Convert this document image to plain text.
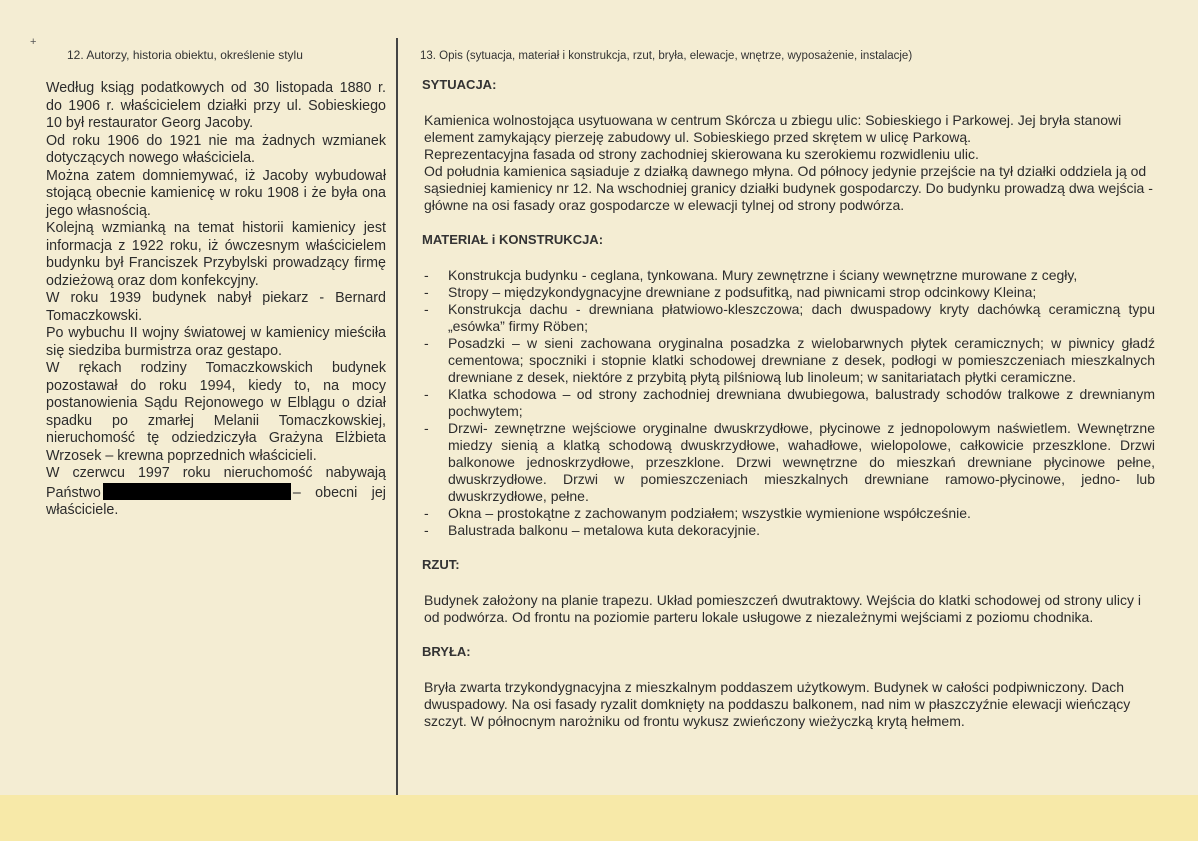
+
12. Autorzy, historia obiektu, określenie stylu

Według ksiąg podatkowych od 30 listopada 1880 r. do 1906 r. właścicielem działki przy ul. Sobieskiego 10 był restaurator Georg Jacoby.

Od roku 1906 do 1921 nie ma żadnych wzmianek dotyczących nowego właściciela.

Można zatem domniemywać, iż Jacoby wybudował stojącą obecnie kamienicę w roku 1908 i że była ona jego własnością.

Kolejną wzmianką na temat historii kamienicy jest informacja z 1922 roku, iż ówczesnym właścicielem budynku był Franciszek Przybylski prowadzący firmę odzieżową oraz dom konfekcyjny.

W roku 1939 budynek nabył piekarz - Bernard Tomaczkowski.

Po wybuchu II wojny światowej w kamienicy mieściła się siedziba burmistrza oraz gestapo.

W rękach rodziny Tomaczkowskich budynek pozostawał do roku 1994, kiedy to, na mocy postanowienia Sądu Rejonowego w Elblągu o dział spadku po zmarłej Melanii Tomaczkowskiej, nieruchomość tę odziedziczyła Grażyna Elżbieta Wrzosek – krewna poprzednich właścicieli.

W czerwcu 1997 roku nieruchomość nabywają Państwo	– obecni jej właściciele.

13. Opis (sytuacja, materiał i konstrukcja, rzut, bryła, elewacje, wnętrze, wyposażenie, instalacje)
SYTUACJA:
Kamienica wolnostojąca usytuowana w centrum Skórcza u zbiegu ulic: Sobieskiego i Parkowej. Jej bryła stanowi element zamykający pierzeję zabudowy ul. Sobieskiego przed skrętem w ulicę Parkową.
Reprezentacyjna fasada od strony zachodniej skierowana ku szerokiemu rozwidleniu ulic.
Od południa kamienica sąsiaduje z działką dawnego młyna. Od północy jedynie przejście na tył działki oddziela ją od sąsiedniej kamienicy nr 12. Na wschodniej granicy działki budynek gospodarczy. Do budynku prowadzą dwa wejścia - główne na osi fasady oraz gospodarcze w elewacji tylnej od strony podwórza.
MATERIAŁ i KONSTRUKCJA:
- Konstrukcja budynku - ceglana, tynkowana. Mury zewnętrzne i ściany wewnętrzne murowane z cegły,
- Stropy – międzykondygnacyjne drewniane z podsufitką, nad piwnicami strop odcinkowy Kleina;
- Konstrukcja dachu - drewniana płatwiowo-kleszczowa; dach dwuspadowy kryty dachówką ceramiczną typu „esówka” firmy Röben;
- Posadzki – w sieni zachowana oryginalna posadzka z wielobarwnych płytek ceramicznych; w piwnicy gładź cementowa; spoczniki i stopnie klatki schodowej drewniane z desek, podłogi w pomieszczeniach mieszkalnych drewniane z desek, niektóre z przybitą płytą pilśniową lub linoleum; w sanitariatach płytki ceramiczne.
- Klatka schodowa – od strony zachodniej drewniana dwubiegowa, balustrady schodów tralkowe z drewnianym pochwytem;
- Drzwi- zewnętrzne wejściowe oryginalne dwuskrzydłowe, płycinowe z jednopolowym naświetlem. Wewnętrzne miedzy sienią a klatką schodową dwuskrzydłowe, wahadłowe, wielopolowe, całkowicie przeszklone. Drzwi balkonowe jednoskrzydłowe, przeszklone. Drzwi wewnętrzne do mieszkań drewniane płycinowe pełne, dwuskrzydłowe. Drzwi w pomieszczeniach mieszkalnych drewniane ramowo-płycinowe, jedno- lub dwuskrzydłowe, pełne.
- Okna – prostokątne z zachowanym podziałem; wszystkie wymienione współcześnie.
- Balustrada balkonu – metalowa kuta dekoracyjnie.
RZUT:
Budynek założony na planie trapezu. Układ pomieszczeń dwutraktowy. Wejścia do klatki schodowej od strony ulicy i od podwórza. Od frontu na poziomie parteru lokale usługowe z niezależnymi wejściami z poziomu chodnika.
BRYŁA:
Bryła zwarta trzykondygnacyjna z mieszkalnym poddaszem użytkowym. Budynek w całości podpiwniczony. Dach dwuspadowy. Na osi fasady ryzalit domknięty na poddaszu balkonem, nad nim w płaszczyźnie elewacji wieńczący szczyt. W północnym narożniku od frontu wykusz zwieńczony wieżyczką krytą hełmem.
